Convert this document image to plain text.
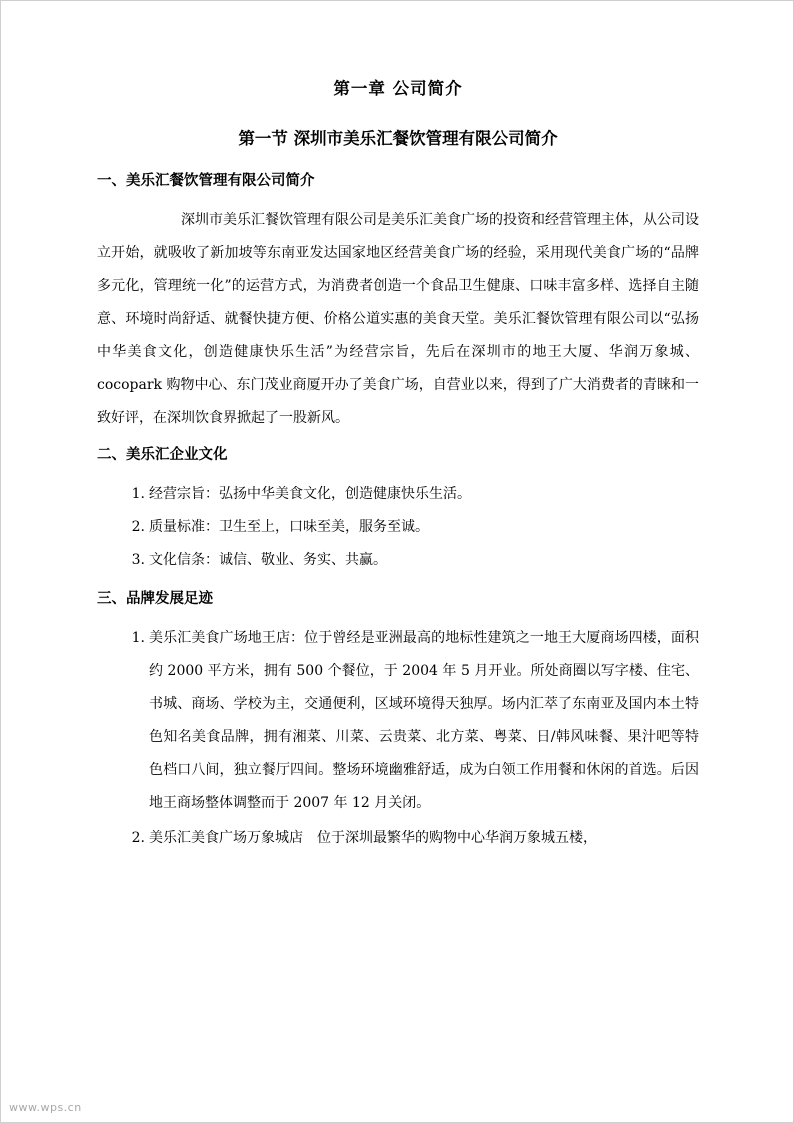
第一章 公司简介
第一节 深圳市美乐汇餐饮管理有限公司简介
一、美乐汇餐饮管理有限公司简介

深圳市美乐汇餐饮管理有限公司是美乐汇美食广场的投资和经营管理主体，从公司设立开始，就吸收了新加坡等东南亚发达国家地区经营美食广场的经验，采用现代美食广场的“品牌多元化，管理统一化”的运营方式，为消费者创造一个食品卫生健康、口味丰富多样、选择自主随意、环境时尚舒适、就餐快捷方便、价格公道实惠的美食天堂。美乐汇餐饮管理有限公司以“弘扬中华美食文化，创造健康快乐生活”为经营宗旨，先后在深圳市的地王大厦、华润万象城、cocopark 购物中心、东门茂业商厦开办了美食广场，自营业以来，得到了广大消费者的青睐和一致好评，在深圳饮食界掀起了一股新风。

二、美乐汇企业文化
经营宗旨：弘扬中华美食文化，创造健康快乐生活。
质量标准：卫生至上，口味至美，服务至诚。
文化信条：诚信、敬业、务实、共赢。
三、品牌发展足迹
美乐汇美食广场地王店：位于曾经是亚洲最高的地标性建筑之一地王大厦商场四楼，面积约 2000 平方米，拥有 500 个餐位，于 2004 年 5 月开业。所处商圈以写字楼、住宅、书城、商场、学校为主，交通便利，区域环境得天独厚。场内汇萃了东南亚及国内本土特色知名美食品牌，拥有湘菜、川菜、云贵菜、北方菜、粤菜、日/韩风味餐、果汁吧等特色档口八间，独立餐厅四间。整场环境幽雅舒适，成为白领工作用餐和休闲的首选。后因地王商场整体调整而于 2007 年 12 月关闭。
美乐汇美食广场万象城店　位于深圳最繁华的购物中心华润万象城五楼，
www.wps.cn
